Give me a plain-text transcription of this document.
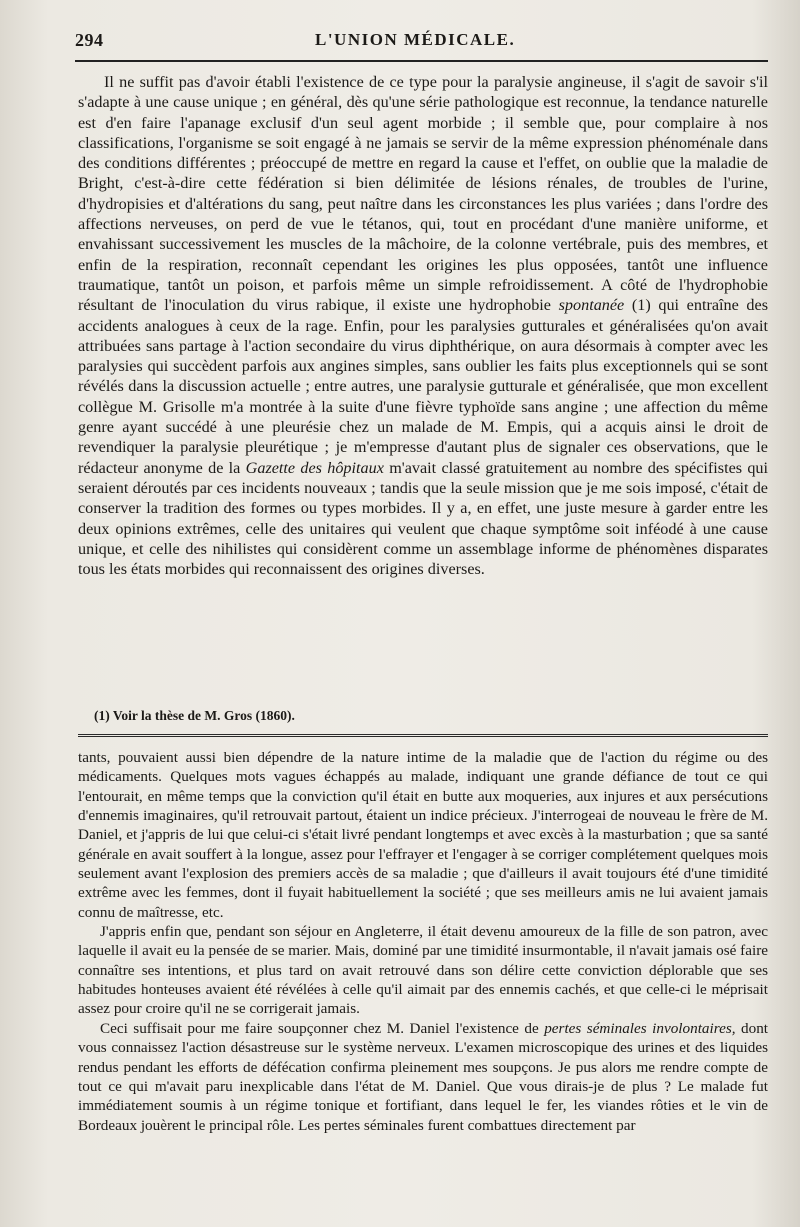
294	L'UNION MÉDICALE.

Il ne suffit pas d'avoir établi l'existence de ce type pour la paralysie angineuse, il s'agit de savoir s'il s'adapte à une cause unique ; en général, dès qu'une série pathologique est reconnue, la tendance naturelle est d'en faire l'apanage exclusif d'un seul agent morbide ; il semble que, pour complaire à nos classifications, l'organisme se soit engagé à ne jamais se servir de la même expression phénoménale dans des conditions différentes ; préoccupé de mettre en regard la cause et l'effet, on oublie que la maladie de Bright, c'est-à-dire cette fédération si bien délimitée de lésions rénales, de troubles de l'urine, d'hydropisies et d'altérations du sang, peut naître dans les circonstances les plus variées ; dans l'ordre des affections nerveuses, on perd de vue le tétanos, qui, tout en procédant d'une manière uniforme, et envahissant successivement les muscles de la mâchoire, de la colonne vertébrale, puis des membres, et enfin de la respiration, reconnaît cependant les origines les plus opposées, tantôt une influence traumatique, tantôt un poison, et parfois même un simple refroidissement. A côté de l'hydrophobie résultant de l'inoculation du virus rabique, il existe une hydrophobie spontanée (1) qui entraîne des accidents analogues à ceux de la rage. Enfin, pour les paralysies gutturales et généralisées qu'on avait attribuées sans partage à l'action secondaire du virus diphthérique, on aura désormais à compter avec les paralysies qui succèdent parfois aux angines simples, sans oublier les faits plus exceptionnels qui se sont révélés dans la discussion actuelle ; entre autres, une paralysie gutturale et généralisée, que mon excellent collègue M. Grisolle m'a montrée à la suite d'une fièvre typhoïde sans angine ; une affection du même genre ayant succédé à une pleurésie chez un malade de M. Empis, qui a acquis ainsi le droit de revendiquer la paralysie pleurétique ; je m'empresse d'autant plus de signaler ces observations, que le rédacteur anonyme de la Gazette des hôpitaux m'avait classé gratuitement au nombre des spécifistes qui seraient déroutés par ces incidents nouveaux ; tandis que la seule mission que je me sois imposé, c'était de conserver la tradition des formes ou types morbides. Il y a, en effet, une juste mesure à garder entre les deux opinions extrêmes, celle des unitaires qui veulent que chaque symptôme soit inféodé à une cause unique, et celle des nihilistes qui considèrent comme un assemblage informe de phénomènes disparates tous les états morbides qui reconnaissent des origines diverses.

(1) Voir la thèse de M. Gros (1860).

tants, pouvaient aussi bien dépendre de la nature intime de la maladie que de l'action du régime ou des médicaments. Quelques mots vagues échappés au malade, indiquant une grande défiance de tout ce qui l'entourait, en même temps que la conviction qu'il était en butte aux moqueries, aux injures et aux persécutions d'ennemis imaginaires, qu'il retrouvait partout, étaient un indice précieux. J'interrogeai de nouveau le frère de M. Daniel, et j'appris de lui que celui-ci s'était livré pendant longtemps et avec excès à la masturbation ; que sa santé générale en avait souffert à la longue, assez pour l'effrayer et l'engager à se corriger complétement quelques mois seulement avant l'explosion des premiers accès de sa maladie ; que d'ailleurs il avait toujours été d'une timidité extrême avec les femmes, dont il fuyait habituellement la société ; que ses meilleurs amis ne lui avaient jamais connu de maîtresse, etc.

J'appris enfin que, pendant son séjour en Angleterre, il était devenu amoureux de la fille de son patron, avec laquelle il avait eu la pensée de se marier. Mais, dominé par une timidité insurmontable, il n'avait jamais osé faire connaître ses intentions, et plus tard on avait retrouvé dans son délire cette conviction déplorable que ses habitudes honteuses avaient été révélées à celle qu'il aimait par des ennemis cachés, et que celle-ci le méprisait assez pour croire qu'il ne se corrigerait jamais.

Ceci suffisait pour me faire soupçonner chez M. Daniel l'existence de pertes séminales involontaires, dont vous connaissez l'action désastreuse sur le système nerveux. L'examen microscopique des urines et des liquides rendus pendant les efforts de défécation confirma pleinement mes soupçons. Je pus alors me rendre compte de tout ce qui m'avait paru inexplicable dans l'état de M. Daniel. Que vous dirais-je de plus ? Le malade fut immédiatement soumis à un régime tonique et fortifiant, dans lequel le fer, les viandes rôties et le vin de Bordeaux jouèrent le principal rôle. Les pertes séminales furent combattues directement par
